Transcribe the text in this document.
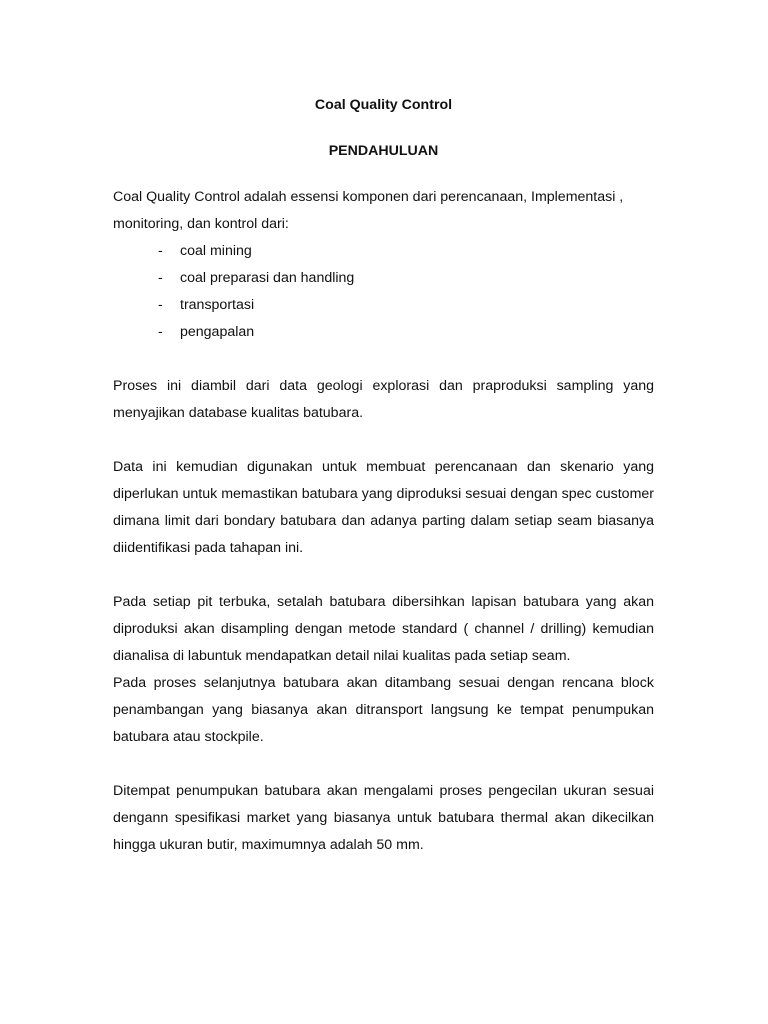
Coal Quality Control

PENDAHULUAN

Coal Quality Control adalah essensi komponen dari perencanaan, Implementasi , monitoring, dan kontrol dari:

- coal mining
- coal preparasi dan handling
- transportasi
- pengapalan

Proses ini diambil dari data geologi explorasi dan praproduksi sampling yang menyajikan database kualitas batubara.

Data ini kemudian digunakan untuk membuat perencanaan dan skenario yang diperlukan untuk memastikan batubara yang diproduksi sesuai dengan spec customer dimana limit dari bondary batubara dan adanya parting dalam setiap seam biasanya diidentifikasi pada tahapan ini.

Pada setiap pit terbuka, setalah batubara dibersihkan lapisan batubara yang akan diproduksi akan disampling dengan metode standard ( channel / drilling) kemudian dianalisa di labuntuk mendapatkan detail nilai kualitas pada setiap seam.

Pada proses selanjutnya batubara akan ditambang sesuai dengan rencana block penambangan yang biasanya akan ditransport langsung ke tempat penumpukan batubara atau stockpile.

Ditempat penumpukan batubara akan mengalami proses pengecilan ukuran sesuai dengann spesifikasi market yang biasanya untuk batubara thermal akan dikecilkan hingga ukuran butir, maximumnya adalah 50 mm.
